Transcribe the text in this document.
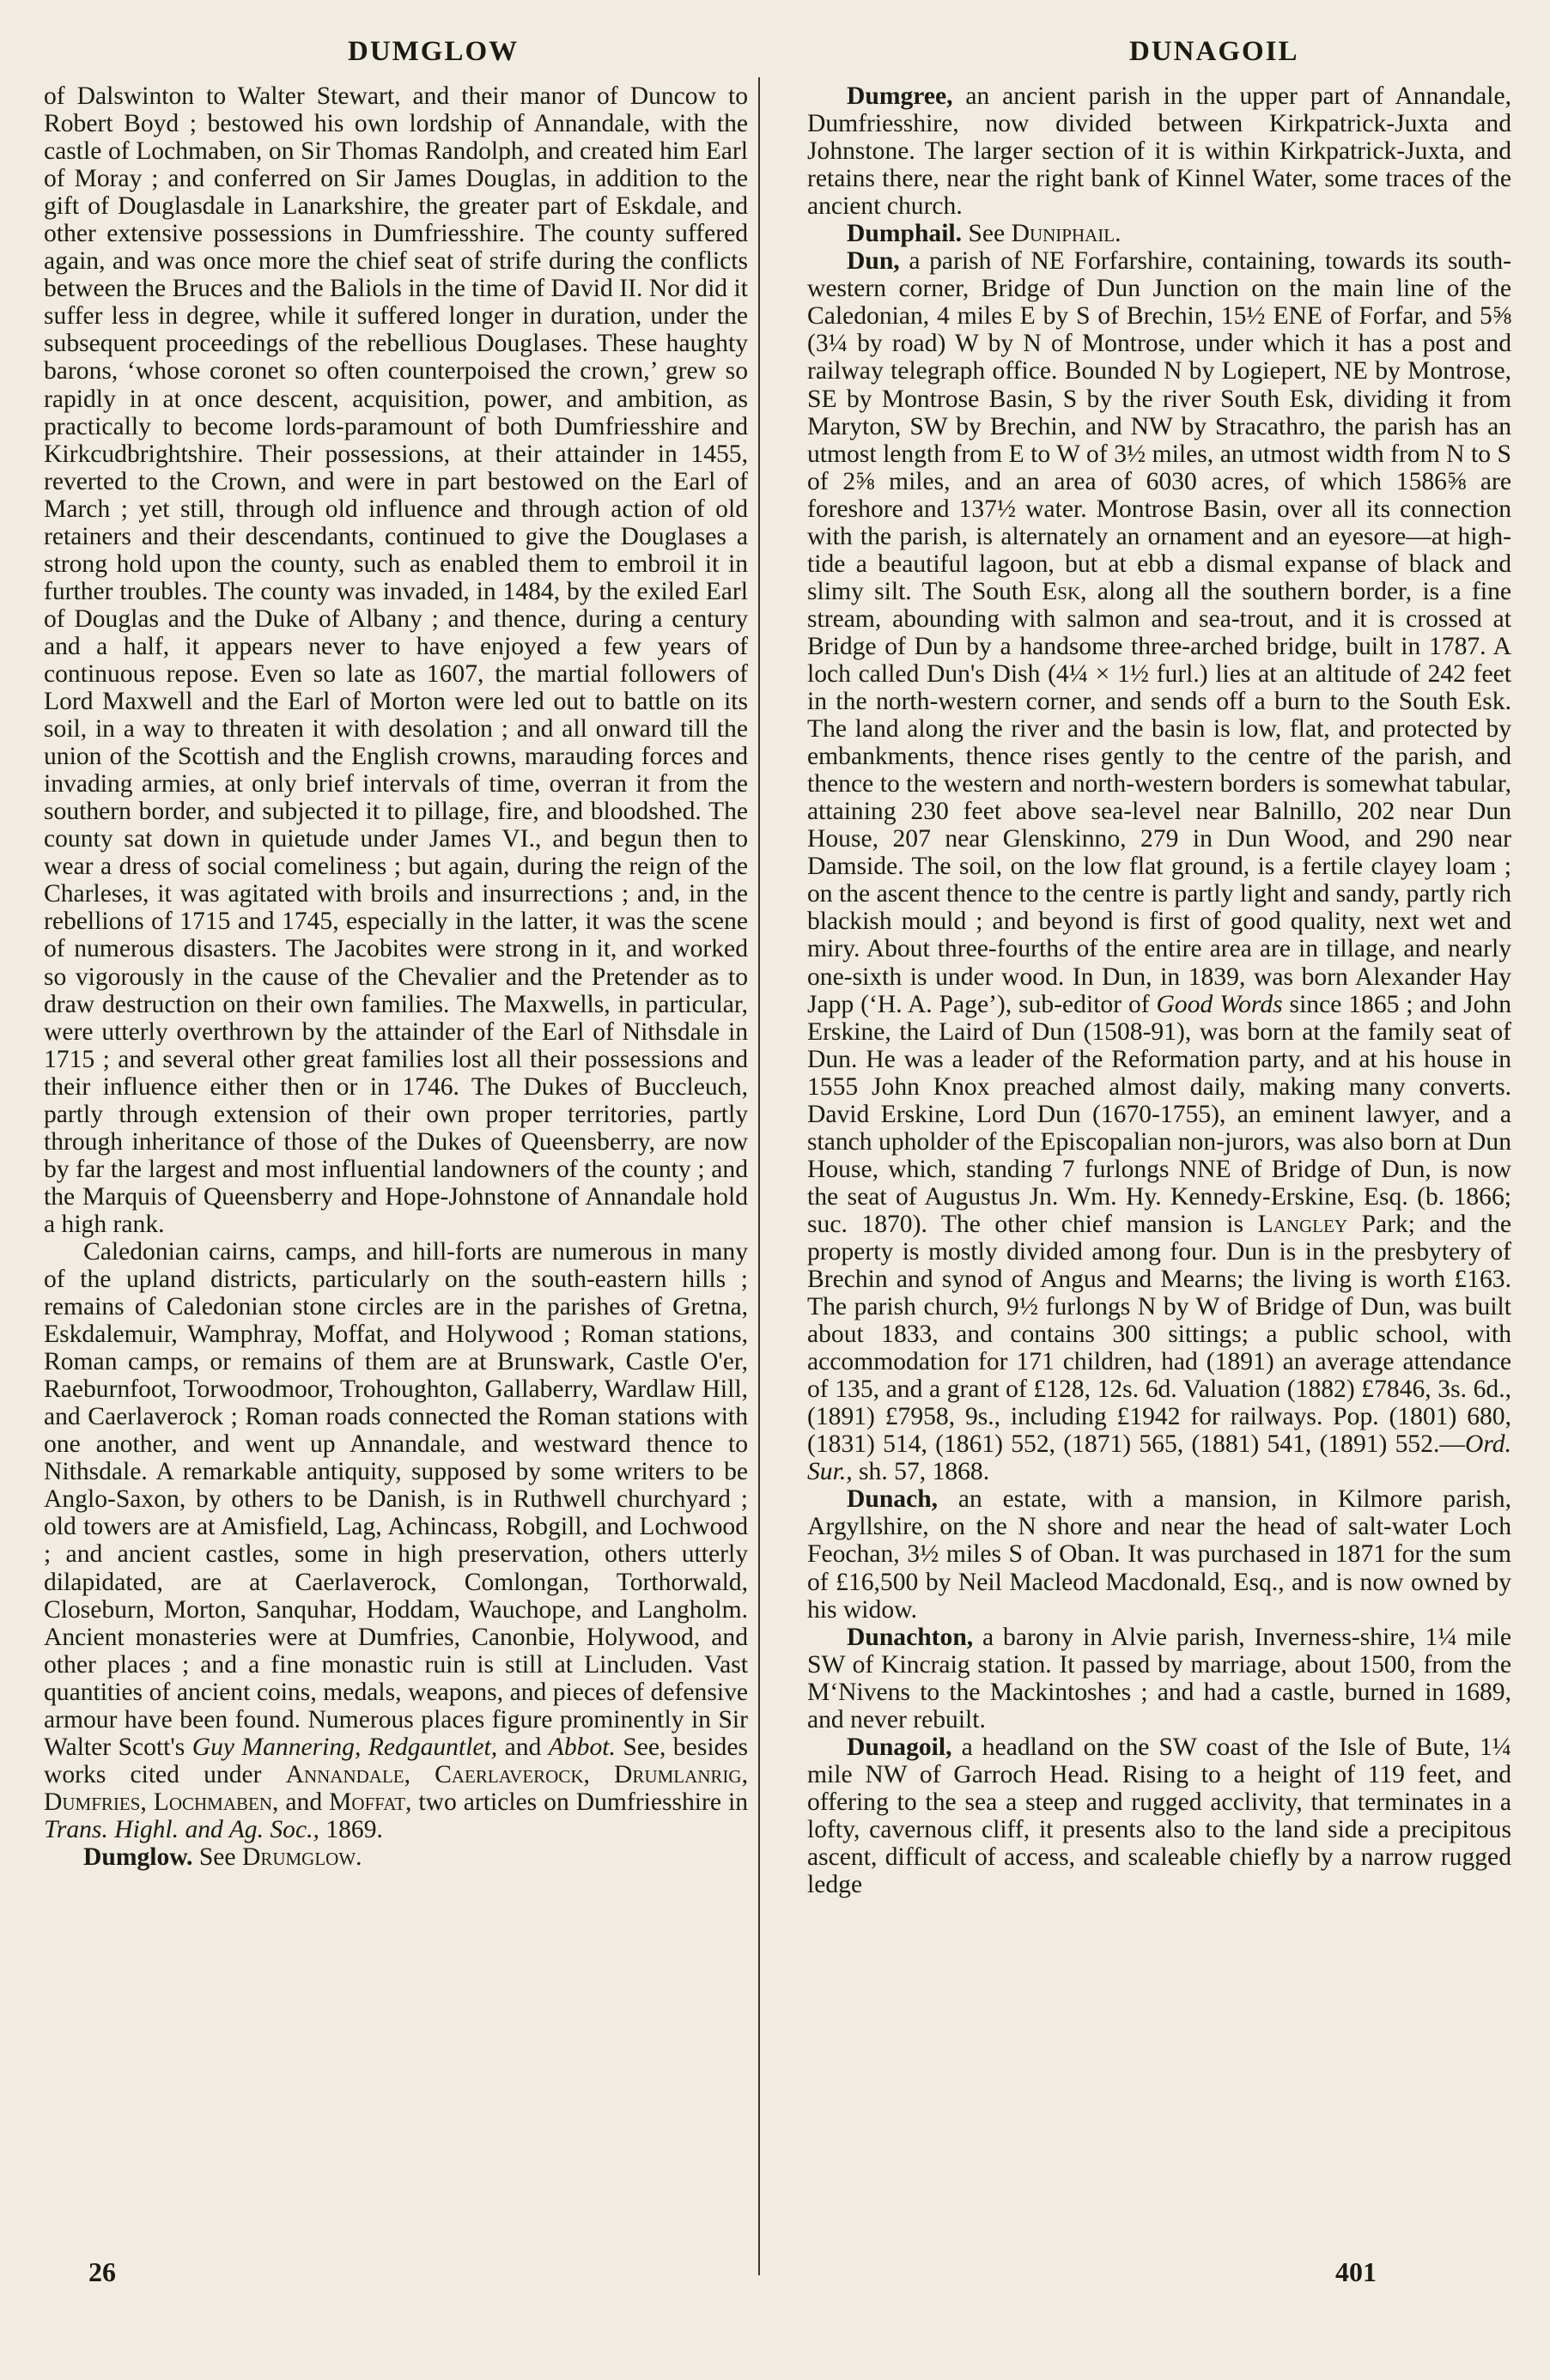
DUMGLOW	DUNAGOIL

of Dalswinton to Walter Stewart, and their manor of Duncow to Robert Boyd ; bestowed his own lordship of Annandale, with the castle of Lochmaben, on Sir Thomas Randolph, and created him Earl of Moray ; and conferred on Sir James Douglas, in addition to the gift of Douglasdale in Lanarkshire, the greater part of Eskdale, and other extensive possessions in Dumfriesshire. The county suffered again, and was once more the chief seat of strife during the conflicts between the Bruces and the Baliols in the time of David II. Nor did it suffer less in degree, while it suffered longer in duration, under the subsequent proceedings of the rebellious Douglases. These haughty barons, ‘whose coronet so often counterpoised the crown,’ grew so rapidly in at once descent, acquisition, power, and ambition, as practically to become lords-paramount of both Dumfriesshire and Kirkcudbrightshire. Their possessions, at their attainder in 1455, reverted to the Crown, and were in part bestowed on the Earl of March ; yet still, through old influence and through action of old retainers and their descendants, continued to give the Douglases a strong hold upon the county, such as enabled them to embroil it in further troubles. The county was invaded, in 1484, by the exiled Earl of Douglas and the Duke of Albany ; and thence, during a century and a half, it appears never to have enjoyed a few years of continuous repose. Even so late as 1607, the martial followers of Lord Maxwell and the Earl of Morton were led out to battle on its soil, in a way to threaten it with desolation ; and all onward till the union of the Scottish and the English crowns, marauding forces and invading armies, at only brief intervals of time, overran it from the southern border, and subjected it to pillage, fire, and bloodshed. The county sat down in quietude under James VI., and begun then to wear a dress of social comeliness ; but again, during the reign of the Charleses, it was agitated with broils and insurrections ; and, in the rebellions of 1715 and 1745, especially in the latter, it was the scene of numerous disasters. The Jacobites were strong in it, and worked so vigorously in the cause of the Chevalier and the Pretender as to draw destruction on their own families. The Maxwells, in particular, were utterly overthrown by the attainder of the Earl of Nithsdale in 1715 ; and several other great families lost all their possessions and their influence either then or in 1746. The Dukes of Buccleuch, partly through extension of their own proper territories, partly through inheritance of those of the Dukes of Queensberry, are now by far the largest and most influential landowners of the county ; and the Marquis of Queensberry and Hope-Johnstone of Annandale hold a high rank.

Caledonian cairns, camps, and hill-forts are numerous in many of the upland districts, particularly on the south-eastern hills ; remains of Caledonian stone circles are in the parishes of Gretna, Eskdalemuir, Wamphray, Moffat, and Holywood ; Roman stations, Roman camps, or remains of them are at Brunswark, Castle O'er, Raeburnfoot, Torwoodmoor, Trohoughton, Gallaberry, Wardlaw Hill, and Caerlaverock ; Roman roads connected the Roman stations with one another, and went up Annandale, and westward thence to Nithsdale. A remarkable antiquity, supposed by some writers to be Anglo-Saxon, by others to be Danish, is in Ruthwell churchyard ; old towers are at Amisfield, Lag, Achincass, Robgill, and Lochwood ; and ancient castles, some in high preservation, others utterly dilapidated, are at Caerlaverock, Comlongan, Torthorwald, Closeburn, Morton, Sanquhar, Hoddam, Wauchope, and Langholm. Ancient monasteries were at Dumfries, Canonbie, Holywood, and other places ; and a fine monastic ruin is still at Lincluden. Vast quantities of ancient coins, medals, weapons, and pieces of defensive armour have been found. Numerous places figure prominently in Sir Walter Scott's Guy Mannering, Redgauntlet, and Abbot. See, besides works cited under Annandale, Caerlaverock, Drumlanrig, Dumfries, Lochmaben, and Moffat, two articles on Dumfriesshire in Trans. Highl. and Ag. Soc., 1869.

Dumglow. See Drumglow.

Dumgree, an ancient parish in the upper part of Annandale, Dumfriesshire, now divided between Kirkpatrick-Juxta and Johnstone. The larger section of it is within Kirkpatrick-Juxta, and retains there, near the right bank of Kinnel Water, some traces of the ancient church.

Dumphail. See Duniphail.

Dun, a parish of NE Forfarshire, containing, towards its south-western corner, Bridge of Dun Junction on the main line of the Caledonian, 4 miles E by S of Brechin, 15½ ENE of Forfar, and 5⅝ (3¼ by road) W by N of Montrose, under which it has a post and railway telegraph office. Bounded N by Logiepert, NE by Montrose, SE by Montrose Basin, S by the river South Esk, dividing it from Maryton, SW by Brechin, and NW by Stracathro, the parish has an utmost length from E to W of 3½ miles, an utmost width from N to S of 2⅝ miles, and an area of 6030 acres, of which 1586⅝ are foreshore and 137½ water. Montrose Basin, over all its connection with the parish, is alternately an ornament and an eyesore—at high-tide a beautiful lagoon, but at ebb a dismal expanse of black and slimy silt. The South Esk, along all the southern border, is a fine stream, abounding with salmon and sea-trout, and it is crossed at Bridge of Dun by a handsome three-arched bridge, built in 1787. A loch called Dun's Dish (4¼ × 1½ furl.) lies at an altitude of 242 feet in the north-western corner, and sends off a burn to the South Esk. The land along the river and the basin is low, flat, and protected by embankments, thence rises gently to the centre of the parish, and thence to the western and north-western borders is somewhat tabular, attaining 230 feet above sea-level near Balnillo, 202 near Dun House, 207 near Glenskinno, 279 in Dun Wood, and 290 near Damside. The soil, on the low flat ground, is a fertile clayey loam ; on the ascent thence to the centre is partly light and sandy, partly rich blackish mould ; and beyond is first of good quality, next wet and miry. About three-fourths of the entire area are in tillage, and nearly one-sixth is under wood. In Dun, in 1839, was born Alexander Hay Japp (‘H. A. Page’), sub-editor of Good Words since 1865 ; and John Erskine, the Laird of Dun (1508-91), was born at the family seat of Dun. He was a leader of the Reformation party, and at his house in 1555 John Knox preached almost daily, making many converts. David Erskine, Lord Dun (1670-1755), an eminent lawyer, and a stanch upholder of the Episcopalian non-jurors, was also born at Dun House, which, standing 7 furlongs NNE of Bridge of Dun, is now the seat of Augustus Jn. Wm. Hy. Kennedy-Erskine, Esq. (b. 1866; suc. 1870). The other chief mansion is Langley Park; and the property is mostly divided among four. Dun is in the presbytery of Brechin and synod of Angus and Mearns; the living is worth £163. The parish church, 9½ furlongs N by W of Bridge of Dun, was built about 1833, and contains 300 sittings; a public school, with accommodation for 171 children, had (1891) an average attendance of 135, and a grant of £128, 12s. 6d. Valuation (1882) £7846, 3s. 6d., (1891) £7958, 9s., including £1942 for railways. Pop. (1801) 680, (1831) 514, (1861) 552, (1871) 565, (1881) 541, (1891) 552.—Ord. Sur., sh. 57, 1868.

Dunach, an estate, with a mansion, in Kilmore parish, Argyllshire, on the N shore and near the head of salt-water Loch Feochan, 3½ miles S of Oban. It was purchased in 1871 for the sum of £16,500 by Neil Macleod Macdonald, Esq., and is now owned by his widow.

Dunachton, a barony in Alvie parish, Inverness-shire, 1¼ mile SW of Kincraig station. It passed by marriage, about 1500, from the M‘Nivens to the Mackintoshes ; and had a castle, burned in 1689, and never rebuilt.

Dunagoil, a headland on the SW coast of the Isle of Bute, 1¼ mile NW of Garroch Head. Rising to a height of 119 feet, and offering to the sea a steep and rugged acclivity, that terminates in a lofty, cavernous cliff, it presents also to the land side a precipitous ascent, difficult of access, and scaleable chiefly by a narrow rugged ledge

26	401
